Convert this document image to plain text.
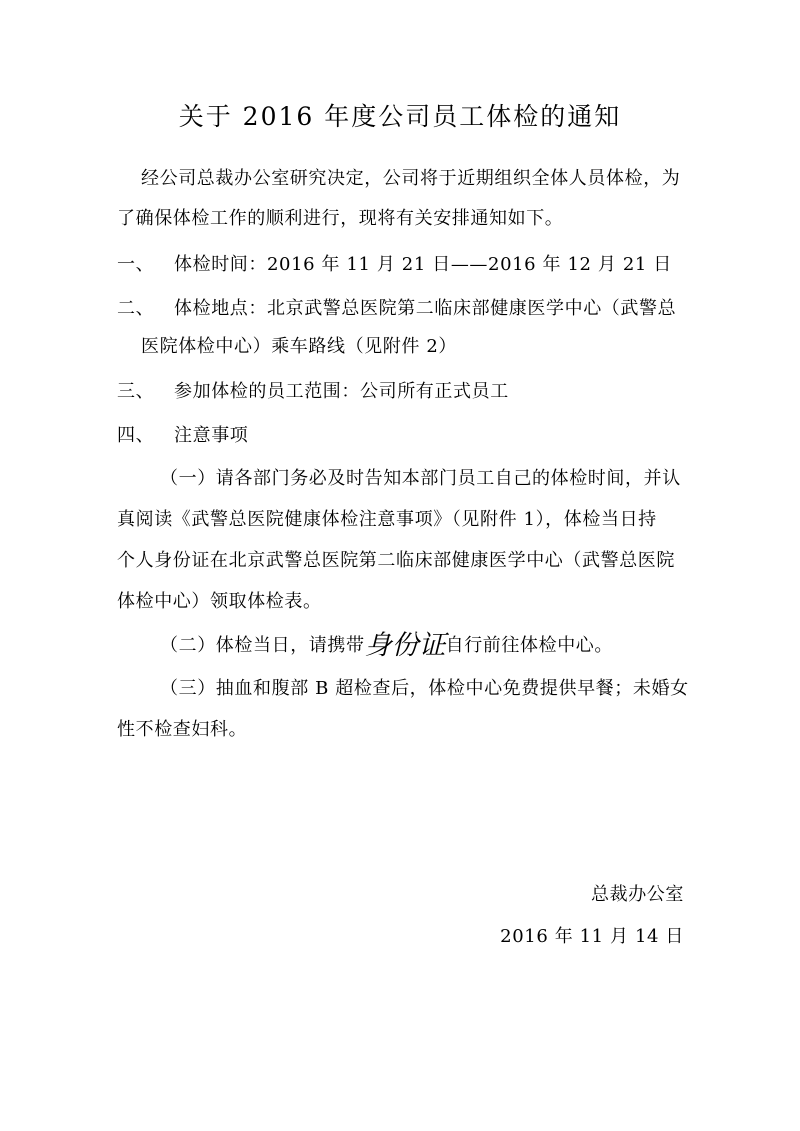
关于 2016 年度公司员工体检的通知
经公司总裁办公室研究决定，公司将于近期组织全体人员体检，为
了确保体检工作的顺利进行，现将有关安排通知如下。
一、 体检时间：2016 年 11 月 21 日——2016 年 12 月 21 日
二、 体检地点：北京武警总医院第二临床部健康医学中心（武警总
医院体检中心）乘车路线（见附件 2）
三、 参加体检的员工范围：公司所有正式员工
四、 注意事项
（一）请各部门务必及时告知本部门员工自己的体检时间，并认
真阅读《武警总医院健康体检注意事项》（见附件 1），体检当日持
个人身份证在北京武警总医院第二临床部健康医学中心（武警总医院
体检中心）领取体检表。
（二）体检当日，请携带身份证自行前往体检中心。
（三）抽血和腹部 B 超检查后，体检中心免费提供早餐；未婚女
性不检查妇科。
总裁办公室
2016 年 11 月 14 日
